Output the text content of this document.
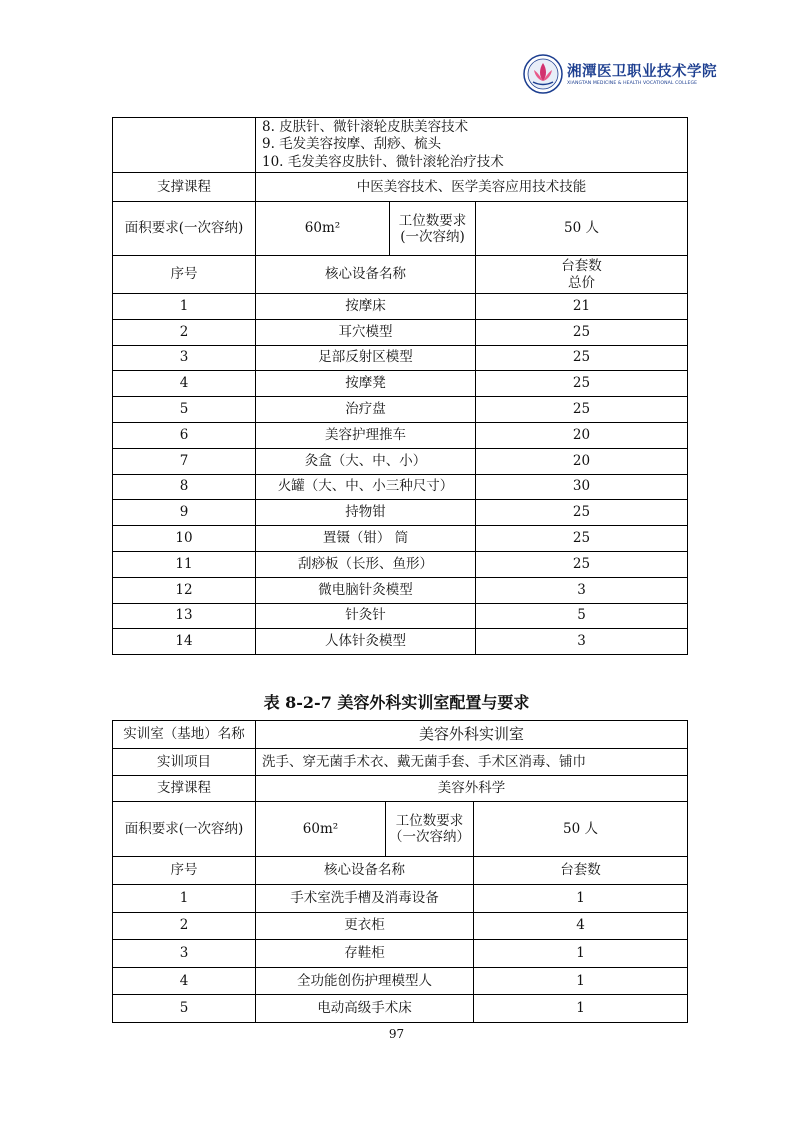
湘潭医卫职业技术学院
XIANGTAN MEDICINE & HEALTH VOCATIONAL COLLEGE

	8. 皮肤针、微针滚轮皮肤美容技术
9. 毛发美容按摩、刮痧、梳头
10. 毛发美容皮肤针、微针滚轮治疗技术		

支撑课程	中医美容技术、医学美容应用技术技能		
面积要求(一次容纳)	60m²	工位数要求(一次容纳)	50 人
序号	核心设备名称		台套数
总价

1	按摩床		21
2	耳穴模型		25
3	足部反射区模型		25
4	按摩凳		25
5	治疗盘		25
6	美容护理推车		20
7	灸盒（大、中、小）		20
8	火罐（大、中、小三种尺寸）		30
9	持物钳		25
10	置镊（钳） 筒		25
11	刮痧板（长形、鱼形）		25
12	微电脑针灸模型		3
13	针灸针		5
14	人体针灸模型		3
表 8-2-7 美容外科实训室配置与要求
实训室（基地）名称	美容外科实训室		
实训项目	洗手、穿无菌手术衣、戴无菌手套、手术区消毒、铺巾		
支撑课程	美容外科学		
面积要求(一次容纳)	60m²	工位数要求（一次容纳）	50 人
序号	核心设备名称		台套数
1	手术室洗手槽及消毒设备		1
2	更衣柜		4
3	存鞋柜		1
4	全功能创伤护理模型人		1
5	电动高级手术床		1
97
